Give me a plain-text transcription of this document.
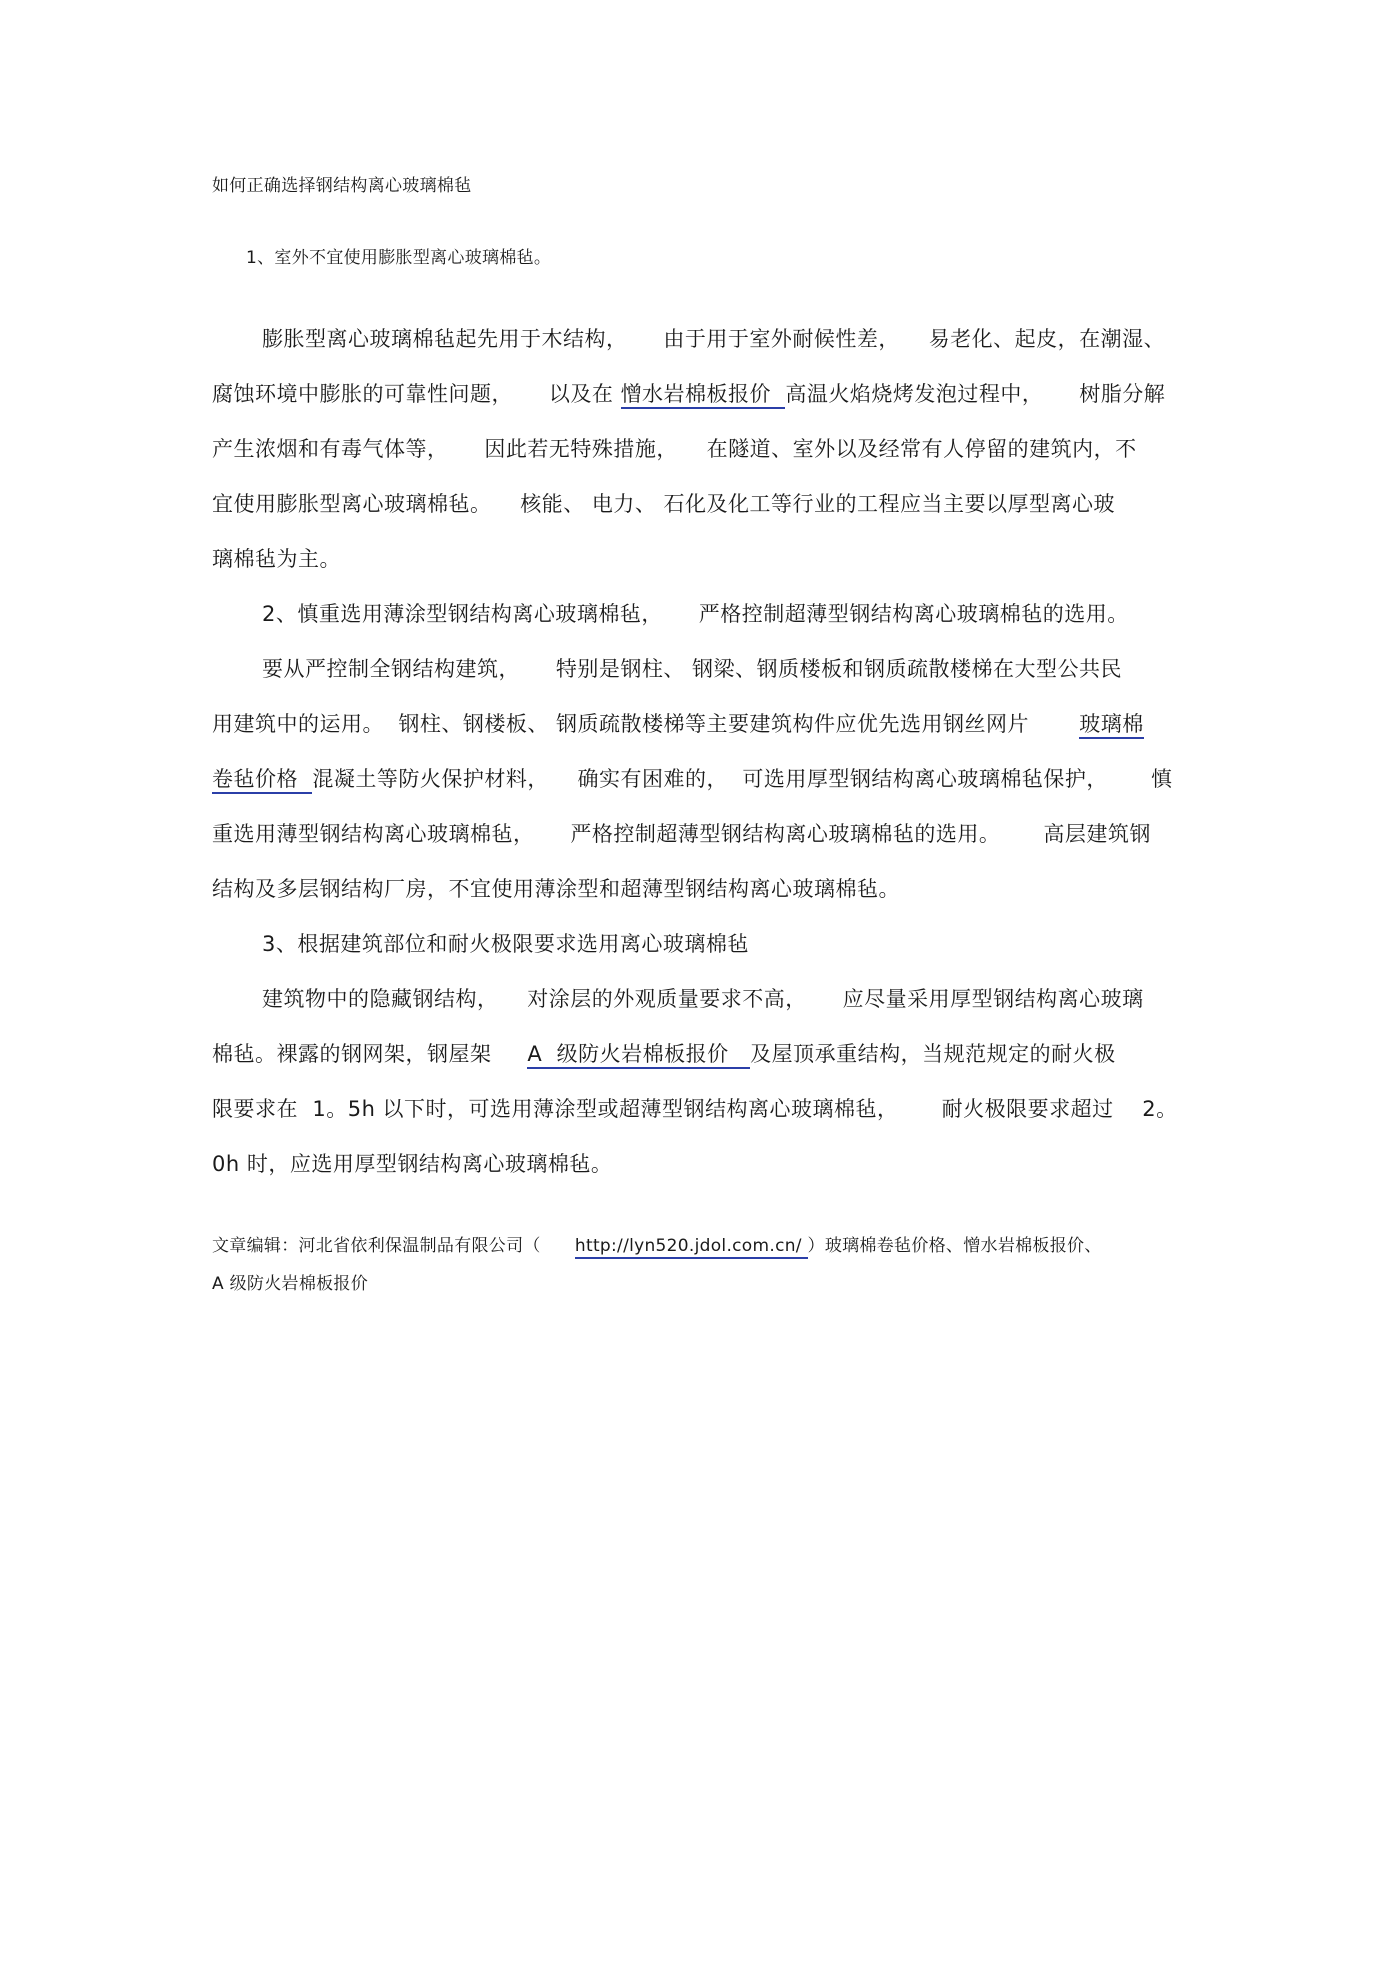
如何正确选择钢结构离心玻璃棉毡
1、室外不宜使用膨胀型离心玻璃棉毡。
膨胀型离心玻璃棉毡起先用于木结构，     由于用于室外耐候性差，    易老化、起皮，在潮湿、
腐蚀环境中膨胀的可靠性问题，     以及在 憎水岩棉板报价  高温火焰烧烤发泡过程中，     树脂分解
产生浓烟和有毒气体等，     因此若无特殊措施，    在隧道、室外以及经常有人停留的建筑内，不
宜使用膨胀型离心玻璃棉毡。    核能、 电力、 石化及化工等行业的工程应当主要以厚型离心玻
璃棉毡为主。
2、慎重选用薄涂型钢结构离心玻璃棉毡，     严格控制超薄型钢结构离心玻璃棉毡的选用。
要从严控制全钢结构建筑，     特别是钢柱、 钢梁、钢质楼板和钢质疏散楼梯在大型公共民
用建筑中的运用。  钢柱、钢楼板、 钢质疏散楼梯等主要建筑构件应优先选用钢丝网片       玻璃棉
卷毡价格  混凝土等防火保护材料，    确实有困难的，  可选用厚型钢结构离心玻璃棉毡保护，      慎
重选用薄型钢结构离心玻璃棉毡，     严格控制超薄型钢结构离心玻璃棉毡的选用。      高层建筑钢
结构及多层钢结构厂房，不宜使用薄涂型和超薄型钢结构离心玻璃棉毡。
3、根据建筑部位和耐火极限要求选用离心玻璃棉毡
建筑物中的隐藏钢结构，    对涂层的外观质量要求不高，     应尽量采用厚型钢结构离心玻璃
棉毡。裸露的钢网架，钢屋架     A  级防火岩棉板报价   及屋顶承重结构，当规范规定的耐火极
限要求在  1。5h 以下时，可选用薄涂型或超薄型钢结构离心玻璃棉毡，      耐火极限要求超过    2。
0h 时，应选用厚型钢结构离心玻璃棉毡。
文章编辑：河北省依利保温制品有限公司（      http://lyn520.jdol.com.cn/ ）玻璃棉卷毡价格、憎水岩棉板报价、
A 级防火岩棉板报价
